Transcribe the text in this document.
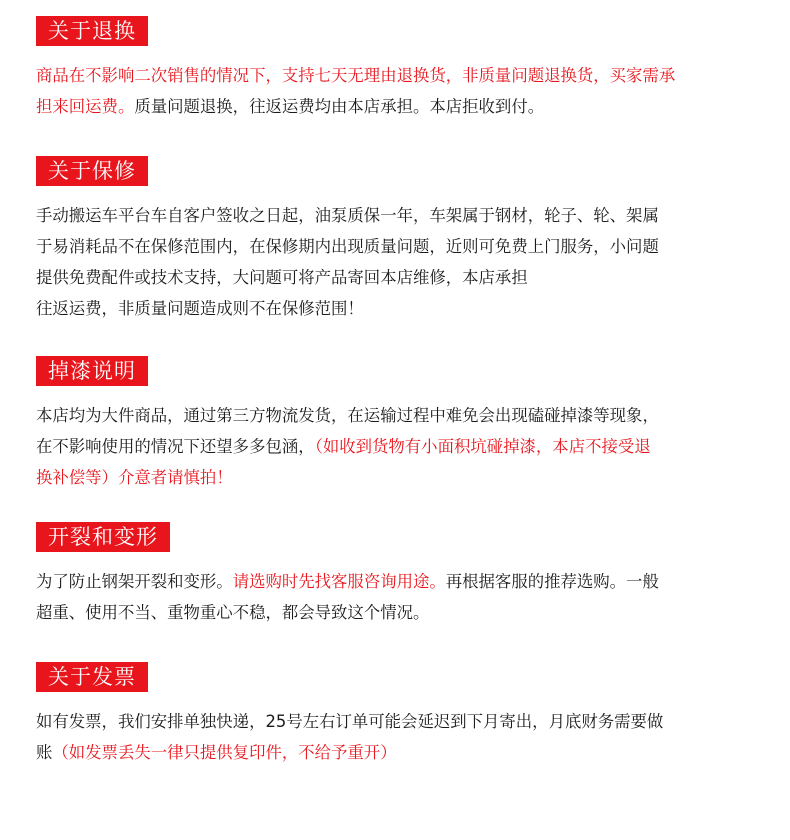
关于退换
商品在不影响二次销售的情况下，支持七天无理由退换货，非质量问题退换货，买家需承
担来回运费。质量问题退换，往返运费均由本店承担。本店拒收到付。
关于保修
手动搬运车平台车自客户签收之日起，油泵质保一年，车架属于钢材，轮子、轮、架属
于易消耗品不在保修范围内，在保修期内出现质量问题，近则可免费上门服务，小问题
提供免费配件或技术支持，大问题可将产品寄回本店维修，本店承担
往返运费，非质量问题造成则不在保修范围！
掉漆说明
本店均为大件商品，通过第三方物流发货，在运输过程中难免会出现磕碰掉漆等现象，
在不影响使用的情况下还望多多包涵，（如收到货物有小面积坑碰掉漆，本店不接受退
换补偿等）介意者请慎拍！
开裂和变形
为了防止钢架开裂和变形。请选购时先找客服咨询用途。再根据客服的推荐选购。一般
超重、使用不当、重物重心不稳，都会导致这个情况。
关于发票
如有发票，我们安排单独快递，25号左右订单可能会延迟到下月寄出，月底财务需要做
账（如发票丢失一律只提供复印件，不给予重开）
